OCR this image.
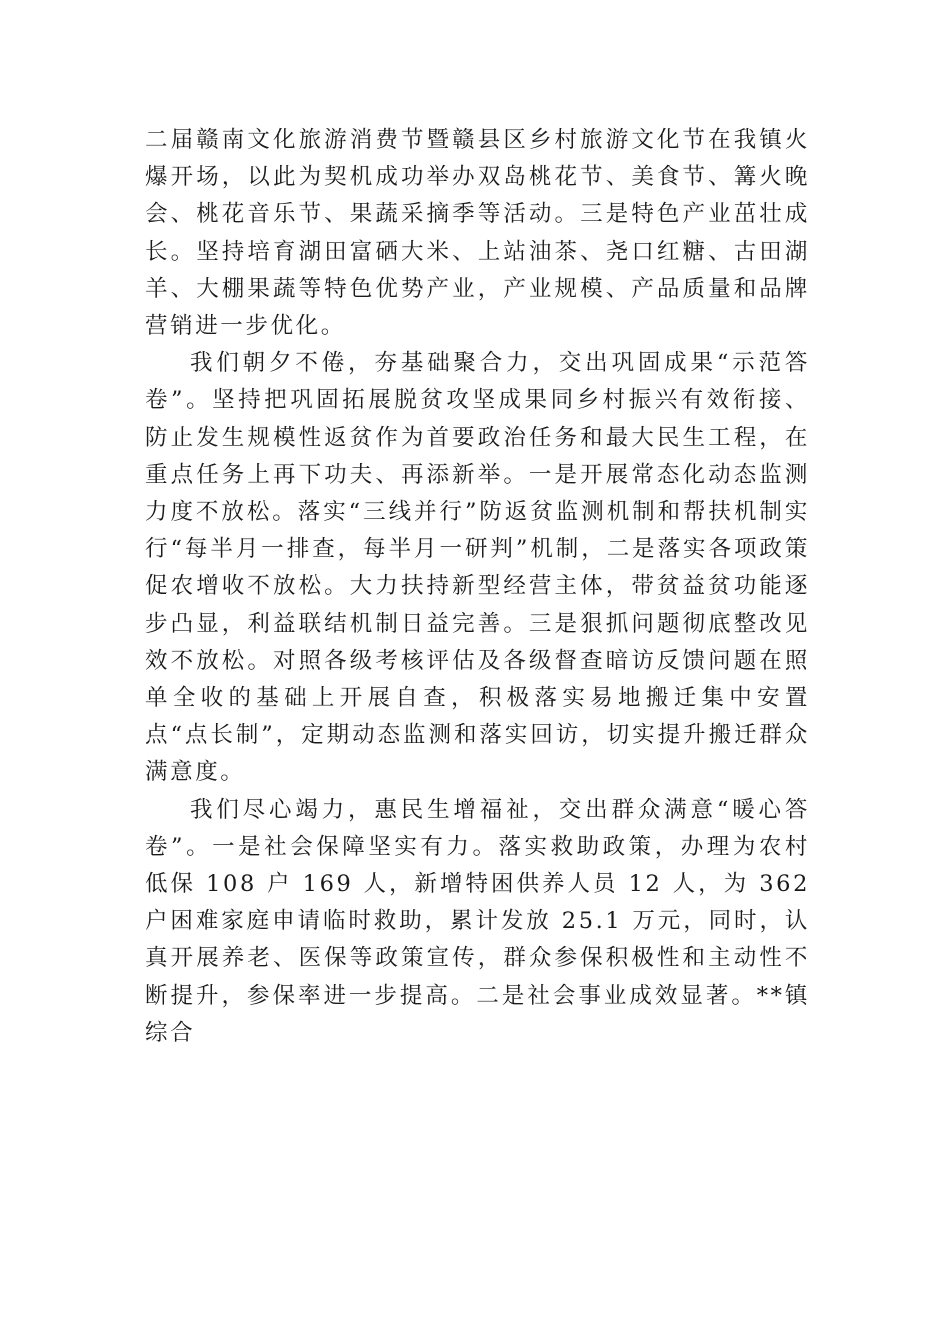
二届赣南文化旅游消费节暨赣县区乡村旅游文化节在我镇火爆开场，以此为契机成功举办双岛桃花节、美食节、篝火晚会、桃花音乐节、果蔬采摘季等活动。三是特色产业茁壮成长。坚持培育湖田富硒大米、上站油茶、尧口红糖、古田湖羊、大棚果蔬等特色优势产业，产业规模、产品质量和品牌营销进一步优化。

我们朝夕不倦，夯基础聚合力，交出巩固成果“示范答卷”。坚持把巩固拓展脱贫攻坚成果同乡村振兴有效衔接、防止发生规模性返贫作为首要政治任务和最大民生工程，在重点任务上再下功夫、再添新举。一是开展常态化动态监测力度不放松。落实“三线并行”防返贫监测机制和帮扶机制实行“每半月一排查，每半月一研判”机制，二是落实各项政策促农增收不放松。大力扶持新型经营主体，带贫益贫功能逐步凸显，利益联结机制日益完善。三是狠抓问题彻底整改见效不放松。对照各级考核评估及各级督查暗访反馈问题在照单全收的基础上开展自查，积极落实易地搬迁集中安置点“点长制”，定期动态监测和落实回访，切实提升搬迁群众满意度。

我们尽心竭力，惠民生增福祉，交出群众满意“暖心答卷”。一是社会保障坚实有力。落实救助政策，办理为农村低保 108 户 169 人，新增特困供养人员 12 人，为 362 户困难家庭申请临时救助，累计发放 25.1 万元，同时，认真开展养老、医保等政策宣传，群众参保积极性和主动性不断提升，参保率进一步提高。二是社会事业成效显著。**镇综合
